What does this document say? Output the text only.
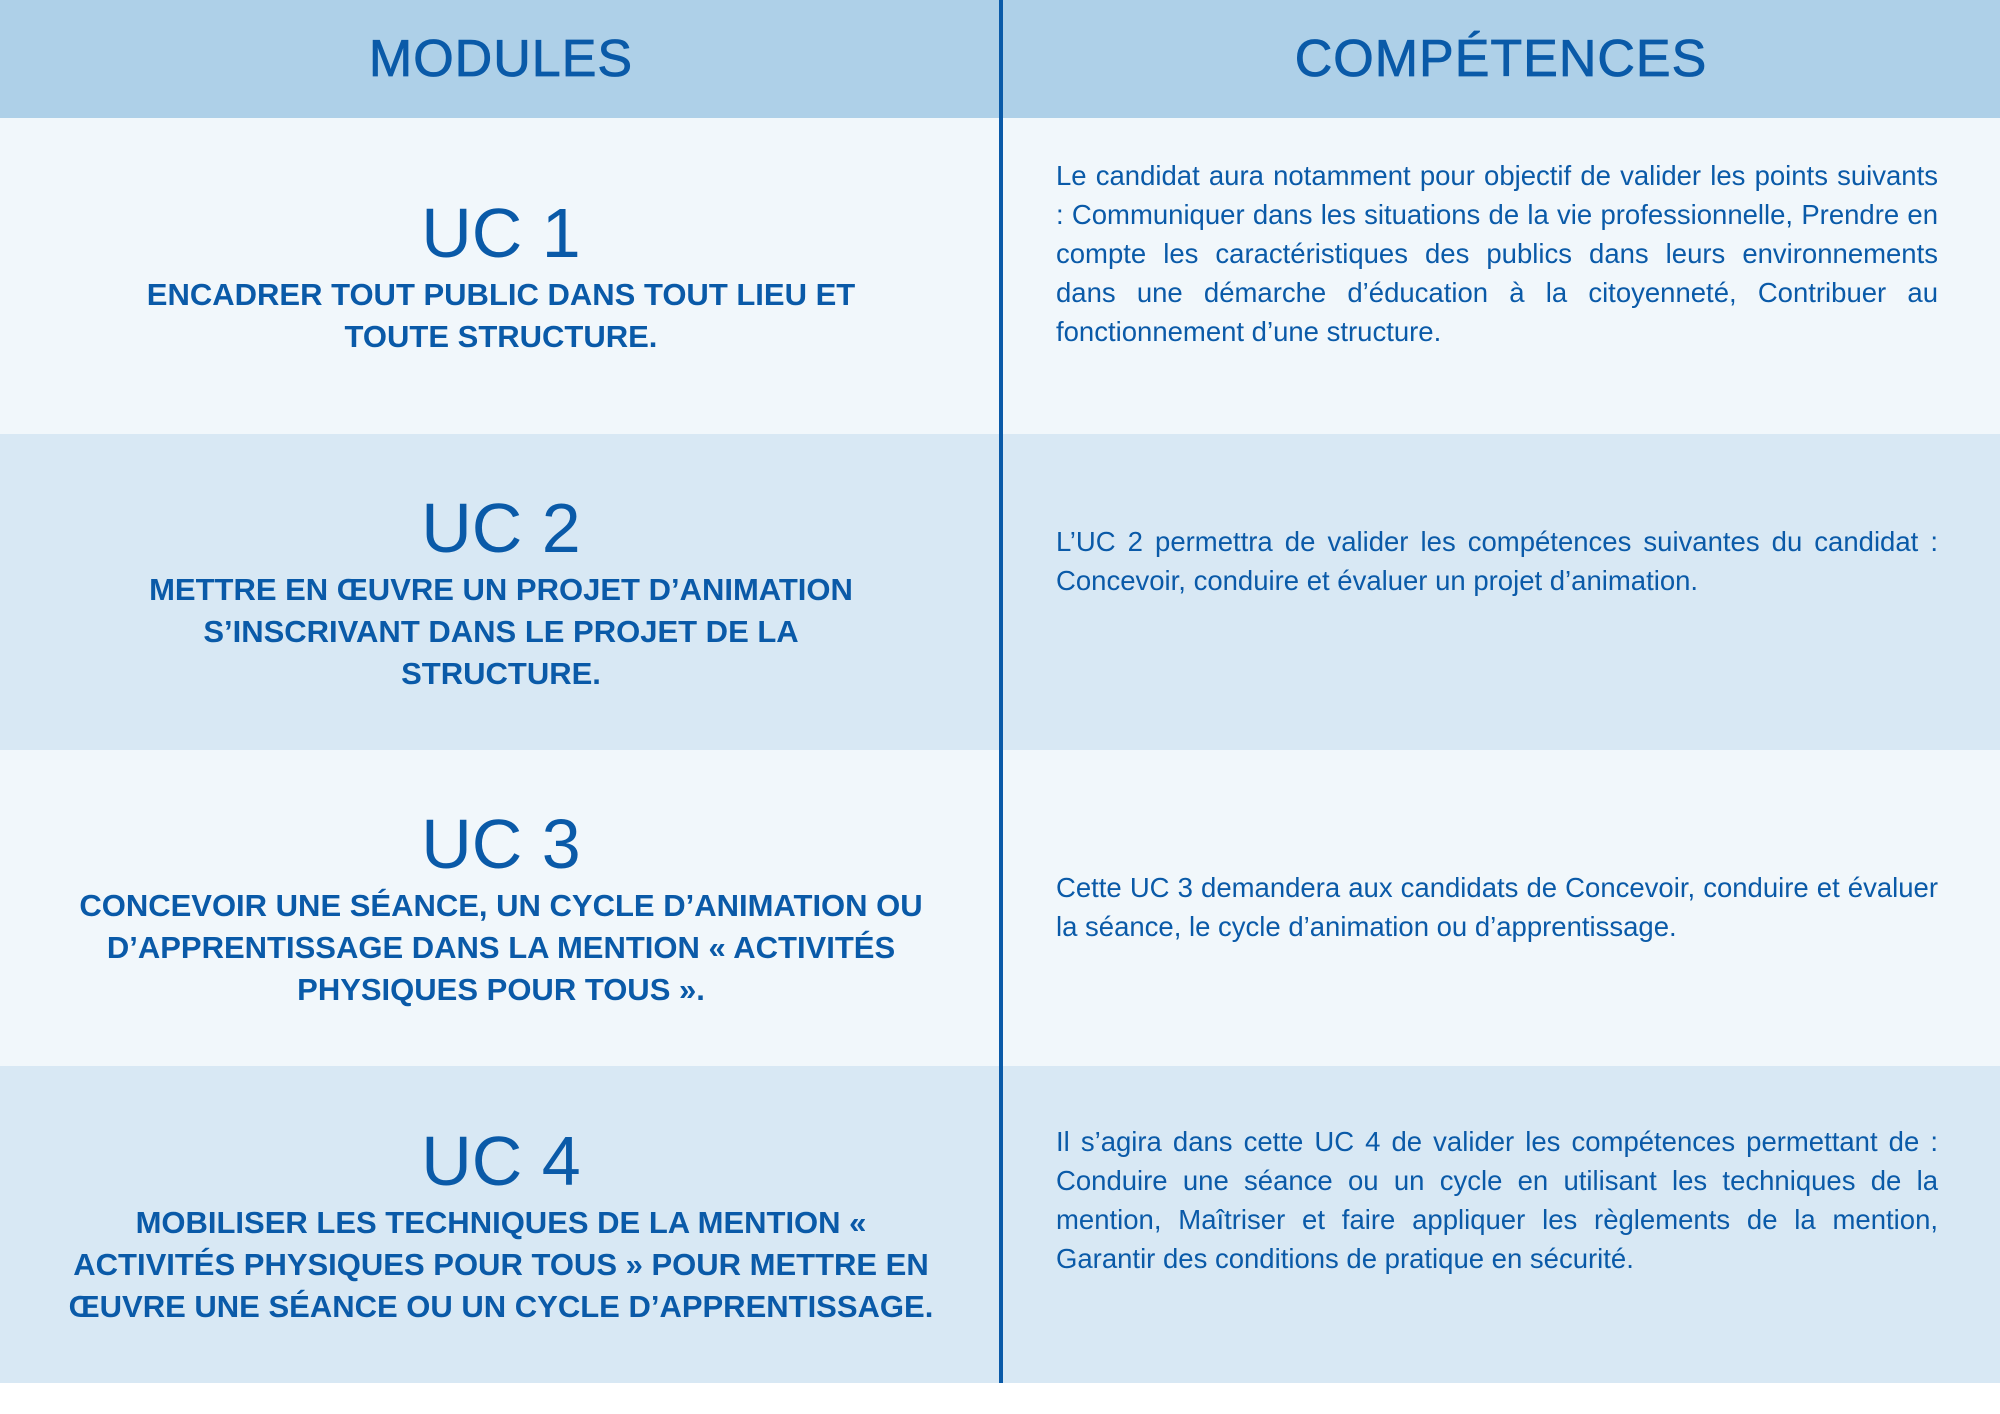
MODULES	COMPÉTENCES
UC 1
ENCADRER TOUT PUBLIC DANS TOUT LIEU ET TOUTE STRUCTURE.

Le candidat aura notamment pour objectif de valider les points suivants : Communiquer dans les situations de la vie professionnelle, Prendre en compte les caractéristiques des publics dans leurs environnements dans une démarche d’éducation à la citoyenneté, Contribuer au fonctionnement d’une structure.

UC 2
METTRE EN ŒUVRE UN PROJET D’ANIMATION S’INSCRIVANT DANS LE PROJET DE LA STRUCTURE.

L’UC 2 permettra de valider les compétences suivantes du candidat : Concevoir, conduire et évaluer un projet d’animation.

UC 3
CONCEVOIR UNE SÉANCE, UN CYCLE D’ANIMATION OU D’APPRENTISSAGE DANS LA MENTION « ACTIVITÉS PHYSIQUES POUR TOUS ».

Cette UC 3 demandera aux candidats de Concevoir, conduire et évaluer la séance, le cycle d’animation ou d’apprentissage.

UC 4
MOBILISER LES TECHNIQUES DE LA MENTION « ACTIVITÉS PHYSIQUES POUR TOUS » POUR METTRE EN ŒUVRE UNE SÉANCE OU UN CYCLE D’APPRENTISSAGE.

Il s’agira dans cette UC 4 de valider les compétences permettant de : Conduire une séance ou un cycle en utilisant les techniques de la mention, Maîtriser et faire appliquer les règlements de la mention, Garantir des conditions de pratique en sécurité.
